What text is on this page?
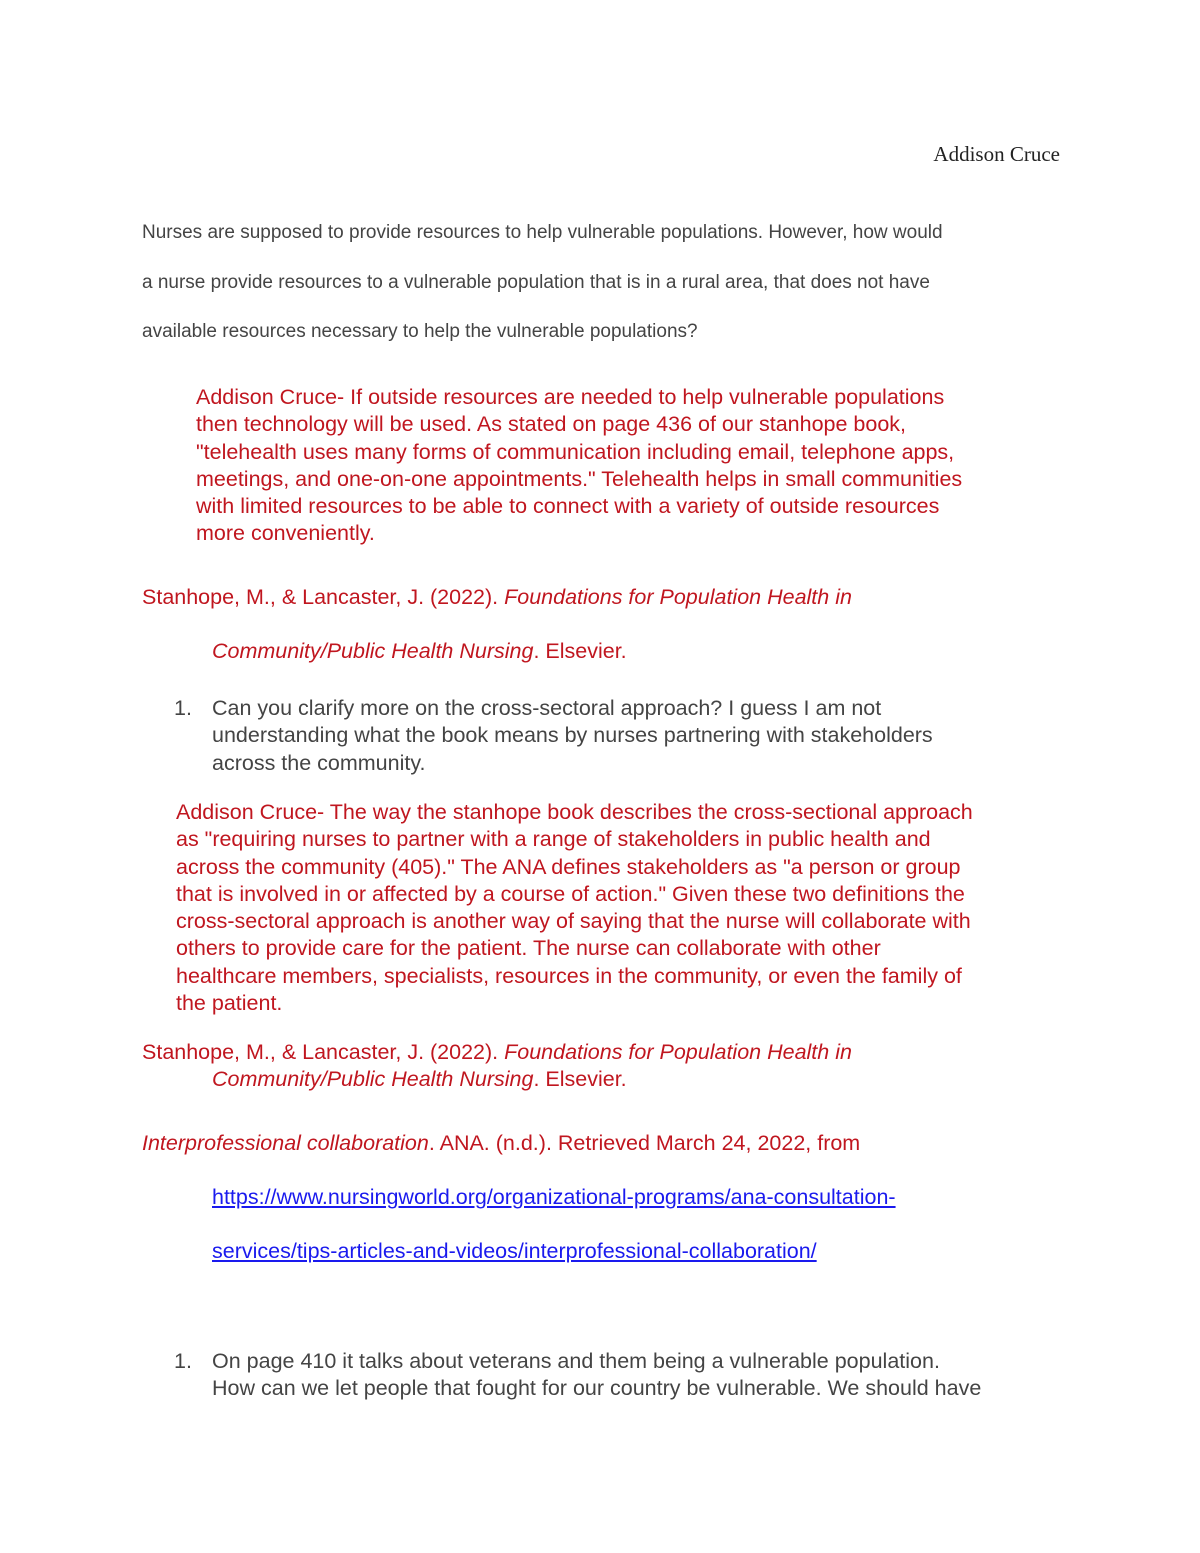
Addison Cruce
Nurses are supposed to provide resources to help vulnerable populations. However, how would
a nurse provide resources to a vulnerable population that is in a rural area, that does not have
available resources necessary to help the vulnerable populations?
Addison Cruce- If outside resources are needed to help vulnerable populations
then technology will be used. As stated on page 436 of our stanhope book,
"telehealth uses many forms of communication including email, telephone apps,
meetings, and one-on-one appointments." Telehealth helps in small communities
with limited resources to be able to connect with a variety of outside resources
more conveniently.
Stanhope, M., & Lancaster, J. (2022). Foundations for Population Health in
Community/Public Health Nursing. Elsevier.
1. Can you clarify more on the cross-sectoral approach? I guess I am not
understanding what the book means by nurses partnering with stakeholders
across the community.
Addison Cruce- The way the stanhope book describes the cross-sectional approach
as "requiring nurses to partner with a range of stakeholders in public health and
across the community (405)." The ANA defines stakeholders as "a person or group
that is involved in or affected by a course of action." Given these two definitions the
cross-sectoral approach is another way of saying that the nurse will collaborate with
others to provide care for the patient. The nurse can collaborate with other
healthcare members, specialists, resources in the community, or even the family of
the patient.
Stanhope, M., & Lancaster, J. (2022). Foundations for Population Health in
Community/Public Health Nursing. Elsevier.
Interprofessional collaboration. ANA. (n.d.). Retrieved March 24, 2022, from
https://www.nursingworld.org/organizational-programs/ana-consultation-
services/tips-articles-and-videos/interprofessional-collaboration/
1. On page 410 it talks about veterans and them being a vulnerable population.
How can we let people that fought for our country be vulnerable. We should have
